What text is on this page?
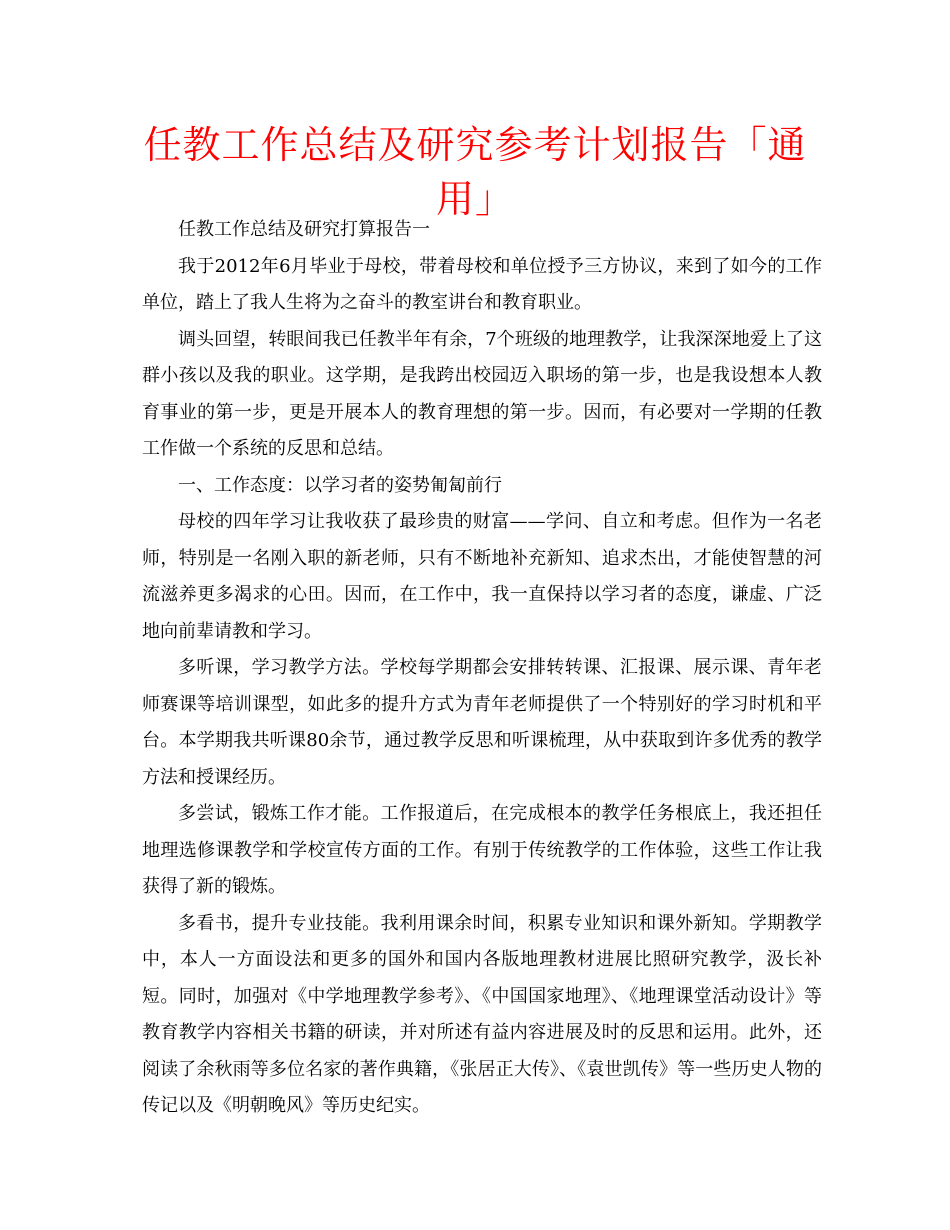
任教工作总结及研究参考计划报告「通用」

任教工作总结及研究打算报告一

我于2012年6月毕业于母校，带着母校和单位授予三方协议，来到了如今的工作单位，踏上了我人生将为之奋斗的教室讲台和教育职业。

调头回望，转眼间我已任教半年有余，7个班级的地理教学，让我深深地爱上了这群小孩以及我的职业。这学期，是我跨出校园迈入职场的第一步，也是我设想本人教育事业的第一步，更是开展本人的教育理想的第一步。因而，有必要对一学期的任教工作做一个系统的反思和总结。

一、工作态度：以学习者的姿势匍匐前行

母校的四年学习让我收获了最珍贵的财富——学问、自立和考虑。但作为一名老师，特别是一名刚入职的新老师，只有不断地补充新知、追求杰出，才能使智慧的河流滋养更多渴求的心田。因而，在工作中，我一直保持以学习者的态度，谦虚、广泛地向前辈请教和学习。

多听课，学习教学方法。学校每学期都会安排转转课、汇报课、展示课、青年老师赛课等培训课型，如此多的提升方式为青年老师提供了一个特别好的学习时机和平台。本学期我共听课80余节，通过教学反思和听课梳理，从中获取到许多优秀的教学方法和授课经历。

多尝试，锻炼工作才能。工作报道后，在完成根本的教学任务根底上，我还担任地理选修课教学和学校宣传方面的工作。有别于传统教学的工作体验，这些工作让我获得了新的锻炼。

多看书，提升专业技能。我利用课余时间，积累专业知识和课外新知。学期教学中，本人一方面设法和更多的国外和国内各版地理教材进展比照研究教学，汲长补短。同时，加强对《中学地理教学参考》、《中国国家地理》、《地理课堂活动设计》等教育教学内容相关书籍的研读，并对所述有益内容进展及时的反思和运用。此外，还阅读了余秋雨等多位名家的著作典籍，《张居正大传》、《袁世凯传》等一些历史人物的传记以及《明朝晚风》等历史纪实。
